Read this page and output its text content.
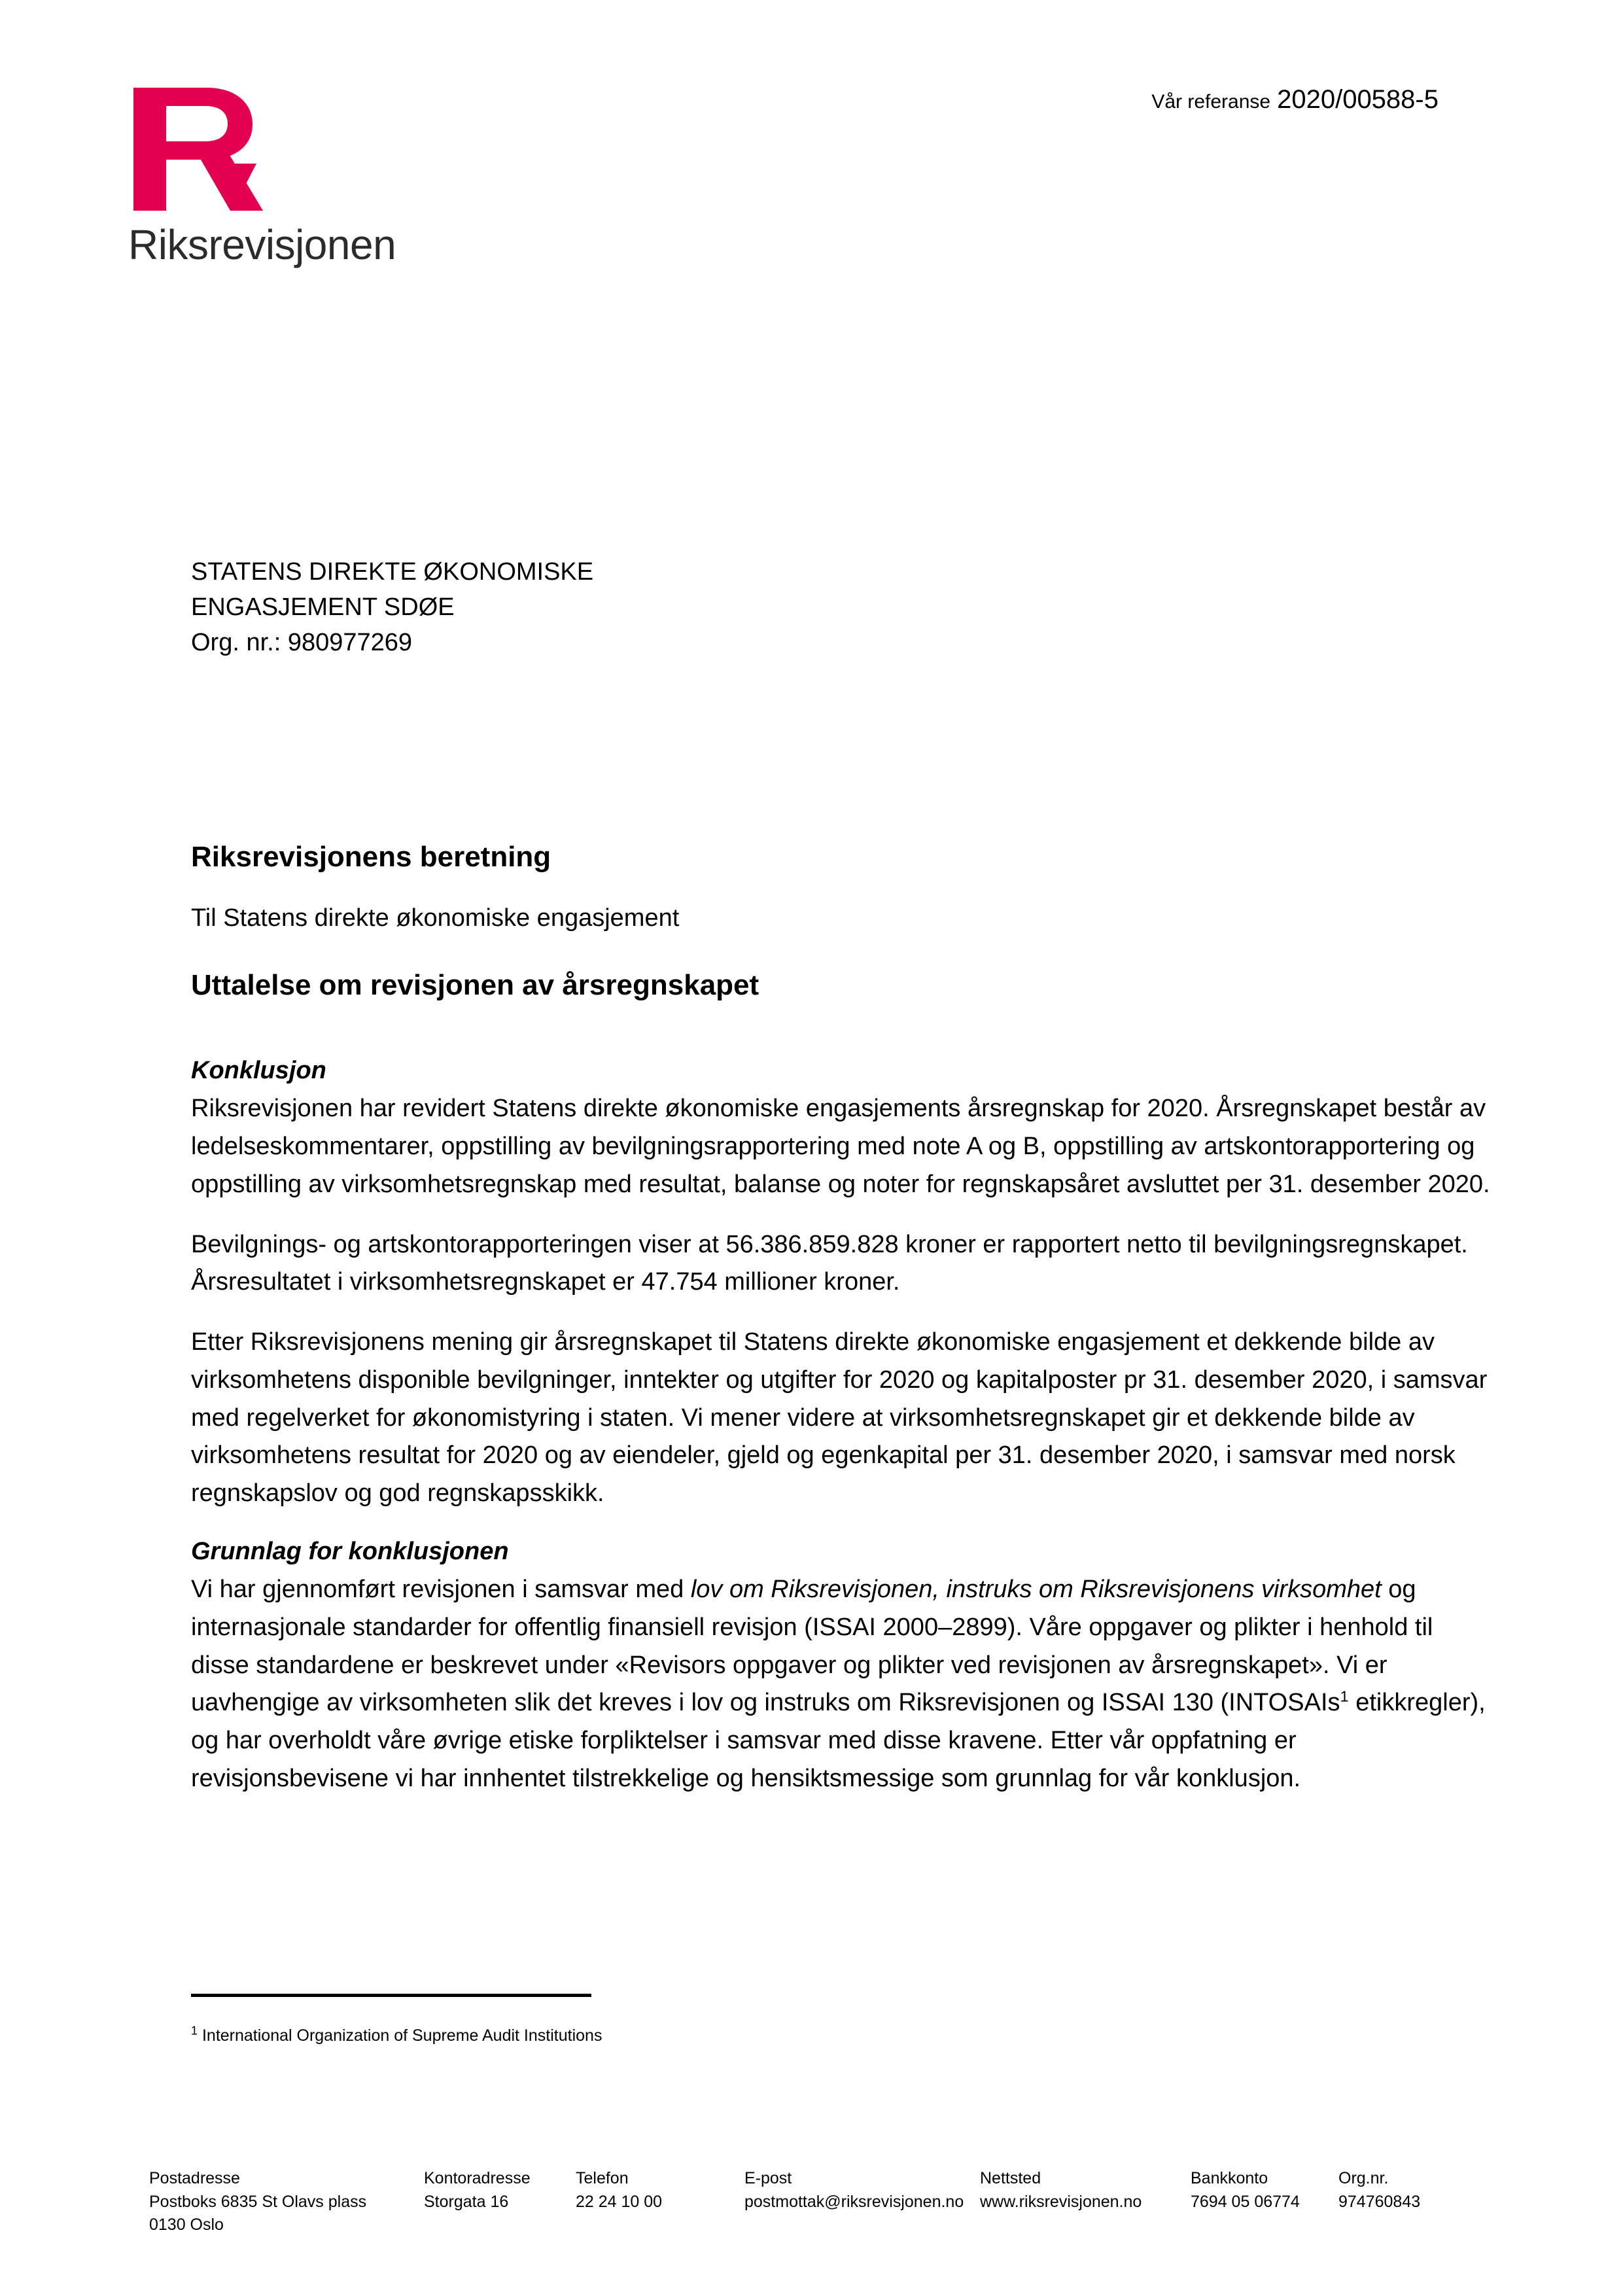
Riksrevisjonen
Vår referanse 2020/00588-5
STATENS DIREKTE ØKONOMISKE
ENGASJEMENT SDØE
Org. nr.: 980977269
Riksrevisjonens beretning
Til Statens direkte økonomiske engasjement
Uttalelse om revisjonen av årsregnskapet
Konklusjon

Riksrevisjonen har revidert Statens direkte økonomiske engasjements årsregnskap for 2020. Årsregnskapet består av ledelseskommentarer, oppstilling av bevilgningsrapportering med note A og B, oppstilling av artskontorapportering og oppstilling av virksomhetsregnskap med resultat, balanse og noter for regnskapsåret avsluttet per 31. desember 2020.

Bevilgnings- og artskontorapporteringen viser at 56.386.859.828 kroner er rapportert netto til bevilgningsregnskapet. Årsresultatet i virksomhetsregnskapet er 47.754 millioner kroner.

Etter Riksrevisjonens mening gir årsregnskapet til Statens direkte økonomiske engasjement et dekkende bilde av virksomhetens disponible bevilgninger, inntekter og utgifter for 2020 og kapitalposter pr 31. desember 2020, i samsvar med regelverket for økonomistyring i staten. Vi mener videre at virksomhetsregnskapet gir et dekkende bilde av virksomhetens resultat for 2020 og av eiendeler, gjeld og egenkapital per 31. desember 2020, i samsvar med norsk regnskapslov og god regnskapsskikk.

Grunnlag for konklusjonen

Vi har gjennomført revisjonen i samsvar med lov om Riksrevisjonen, instruks om Riksrevisjonens virksomhet og internasjonale standarder for offentlig finansiell revisjon (ISSAI 2000–2899). Våre oppgaver og plikter i henhold til disse standardene er beskrevet under «Revisors oppgaver og plikter ved revisjonen av årsregnskapet». Vi er uavhengige av virksomheten slik det kreves i lov og instruks om Riksrevisjonen og ISSAI 130 (INTOSAIs$^1$ etikkregler), og har overholdt våre øvrige etiske forpliktelser i samsvar med disse kravene. Etter vår oppfatning er revisjonsbevisene vi har innhentet tilstrekkelige og hensiktsmessige som grunnlag for vår konklusjon.

$^1$ International Organization of Supreme Audit Institutions
Postadresse
Postboks 6835 St Olavs plass
0130 Oslo
Kontoradresse
Storgata 16
Telefon
22 24 10 00
E-post
postmottak@riksrevisjonen.no
Nettsted
www.riksrevisjonen.no
Bankkonto
7694 05 06774
Org.nr.
974760843
